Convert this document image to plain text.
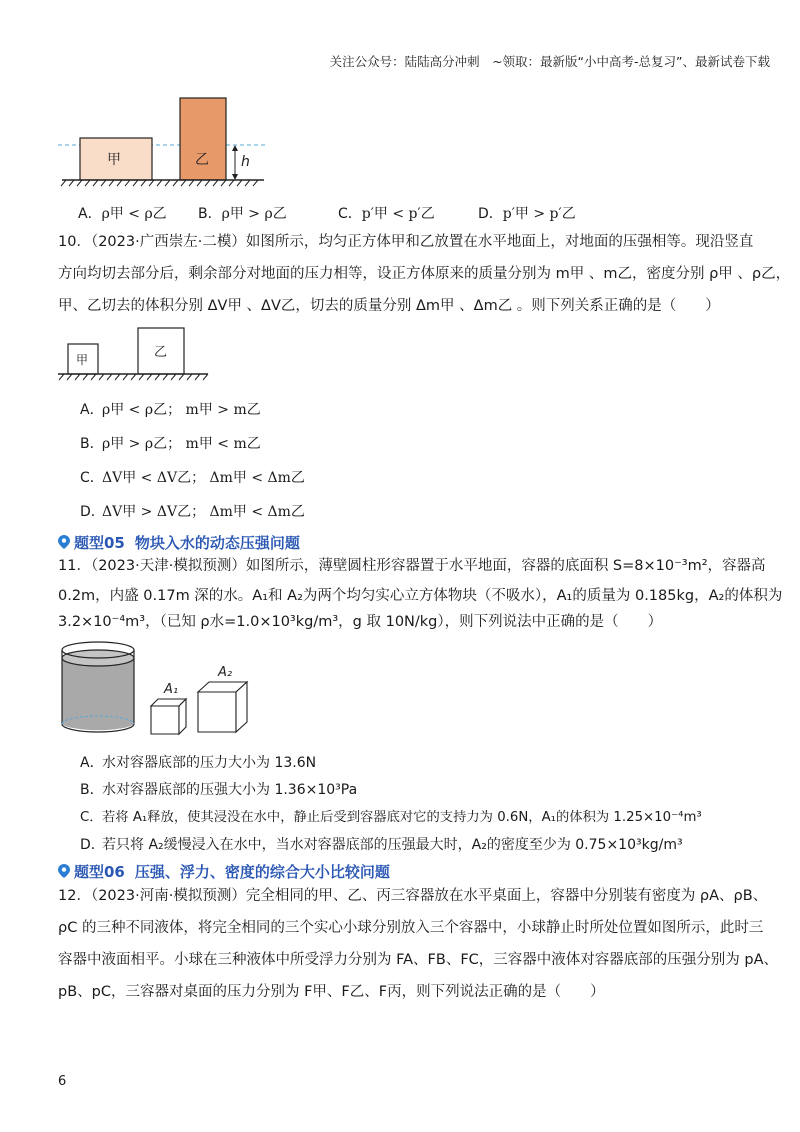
关注公众号：陆陆高分冲刺　~领取：最新版“小中高考-总复习”、最新试卷下载
甲	乙 h
A．ρ甲 < ρ乙 B．ρ甲 > ρ乙	C．p′甲 < p′乙	D．p′甲 > p′乙
10．（2023·广西崇左·二模）如图所示，均匀正方体甲和乙放置在水平地面上，对地面的压强相等。现沿竖直
方向均切去部分后，剩余部分对地面的压力相等，设正方体原来的质量分别为 m甲 、m乙，密度分别 ρ甲 、ρ乙，
甲、乙切去的体积分别 ΔV甲 、ΔV乙，切去的质量分别 Δm甲 、Δm乙 。则下列关系正确的是（　　）
甲	乙
A．ρ甲 < ρ乙； m甲 > m乙
B．ρ甲 > ρ乙； m甲 < m乙
C．ΔV甲 < ΔV乙； Δm甲 < Δm乙
D．ΔV甲 > ΔV乙； Δm甲 < Δm乙
题型05 物块入水的动态压强问题
11．（2023·天津·模拟预测）如图所示，薄壁圆柱形容器置于水平地面，容器的底面积 S=8×10⁻³m²，容器高
0.2m，内盛 0.17m 深的水。A₁和 A₂为两个均匀实心立方体物块（不吸水），A₁的质量为 0.185kg，A₂的体积为
3.2×10⁻⁴m³，（已知 ρ水=1.0×10³kg/m³，g 取 10N/kg），则下列说法中正确的是（　　）
A₁
A₂
A．水对容器底部的压力大小为 13.6N
B．水对容器底部的压强大小为 1.36×10³Pa
C．若将 A₁释放，使其浸没在水中，静止后受到容器底对它的支持力为 0.6N，A₁的体积为 1.25×10⁻⁴m³
D．若只将 A₂缓慢浸入在水中，当水对容器底部的压强最大时，A₂的密度至少为 0.75×10³kg/m³
题型06 压强、浮力、密度的综合大小比较问题
12．（2023·河南·模拟预测）完全相同的甲、乙、丙三容器放在水平桌面上，容器中分别装有密度为 ρA、ρB、
ρC 的三种不同液体，将完全相同的三个实心小球分别放入三个容器中，小球静止时所处位置如图所示，此时三
容器中液面相平。小球在三种液体中所受浮力分别为 FA、FB、FC，三容器中液体对容器底部的压强分别为 pA、
pB、pC，三容器对桌面的压力分别为 F甲、F乙、F丙，则下列说法正确的是（　　）
6
